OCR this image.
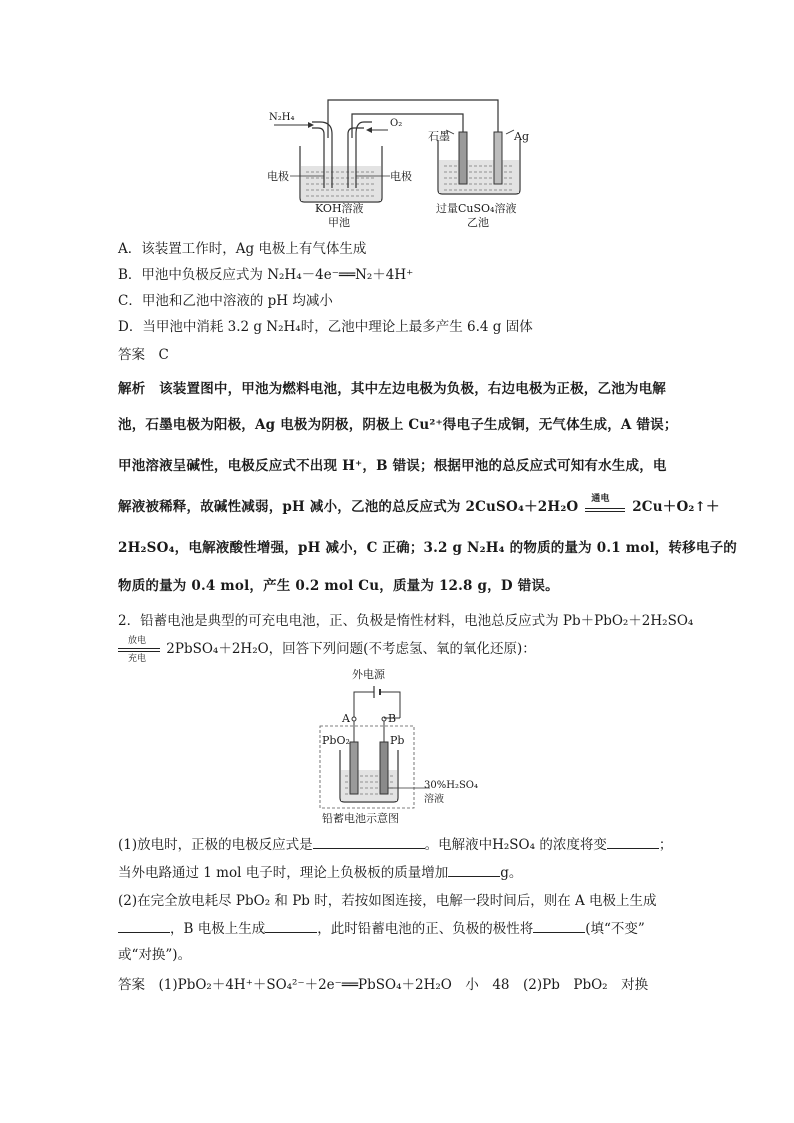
N₂H₄
O₂
电极	电极
石墨	Ag
KOH溶液
甲池
过量CuSO₄溶液
乙池
A．该装置工作时，Ag 电极上有气体生成
B．甲池中负极反应式为 N₂H₄－4e⁻══N₂＋4H⁺
C．甲池和乙池中溶液的 pH 均减小
D．当甲池中消耗 3.2 g N₂H₄时，乙池中理论上最多产生 6.4 g 固体
答案　C
解析　该装置图中，甲池为燃料电池，其中左边电极为负极，右边电极为正极，乙池为电解
池，石墨电极为阳极，Ag 电极为阴极，阴极上 Cu²⁺得电子生成铜，无气体生成，A 错误；
甲池溶液呈碱性，电极反应式不出现 H⁺，B 错误；根据甲池的总反应式可知有水生成，电
解液被稀释，故碱性减弱，pH 减小，乙池的总反应式为 2CuSO₄＋2H₂O 通电 2Cu＋O₂↑＋
2H₂SO₄，电解液酸性增强，pH 减小，C 正确；3.2 g N₂H₄ 的物质的量为 0.1 mol，转移电子的
物质的量为 0.4 mol，产生 0.2 mol Cu，质量为 12.8 g，D 错误。
2．铅蓄电池是典型的可充电电池，正、负极是惰性材料，电池总反应式为 Pb＋PbO₂＋2H₂SO₄
放电
充电
2PbSO₄＋2H₂O，回答下列问题(不考虑氢、氧的氧化还原)：
外电源
A	B
PbO₂	Pb
30%H₂SO₄
溶液
铅蓄电池示意图
(1)放电时，正极的电极反应式是	。电解液中H₂SO₄ 的浓度将变	；
当外电路通过 1 mol 电子时，理论上负极板的质量增加	g。
(2)在完全放电耗尽 PbO₂ 和 Pb 时，若按如图连接，电解一段时间后，则在 A 电极上生成
，B 电极上生成	，此时铅蓄电池的正、负极的极性将	(填“不变”
或“对换”)。
答案　(1)PbO₂＋4H⁺＋SO₄²⁻＋2e⁻══PbSO₄＋2H₂O　小　48　(2)Pb　PbO₂　对换
